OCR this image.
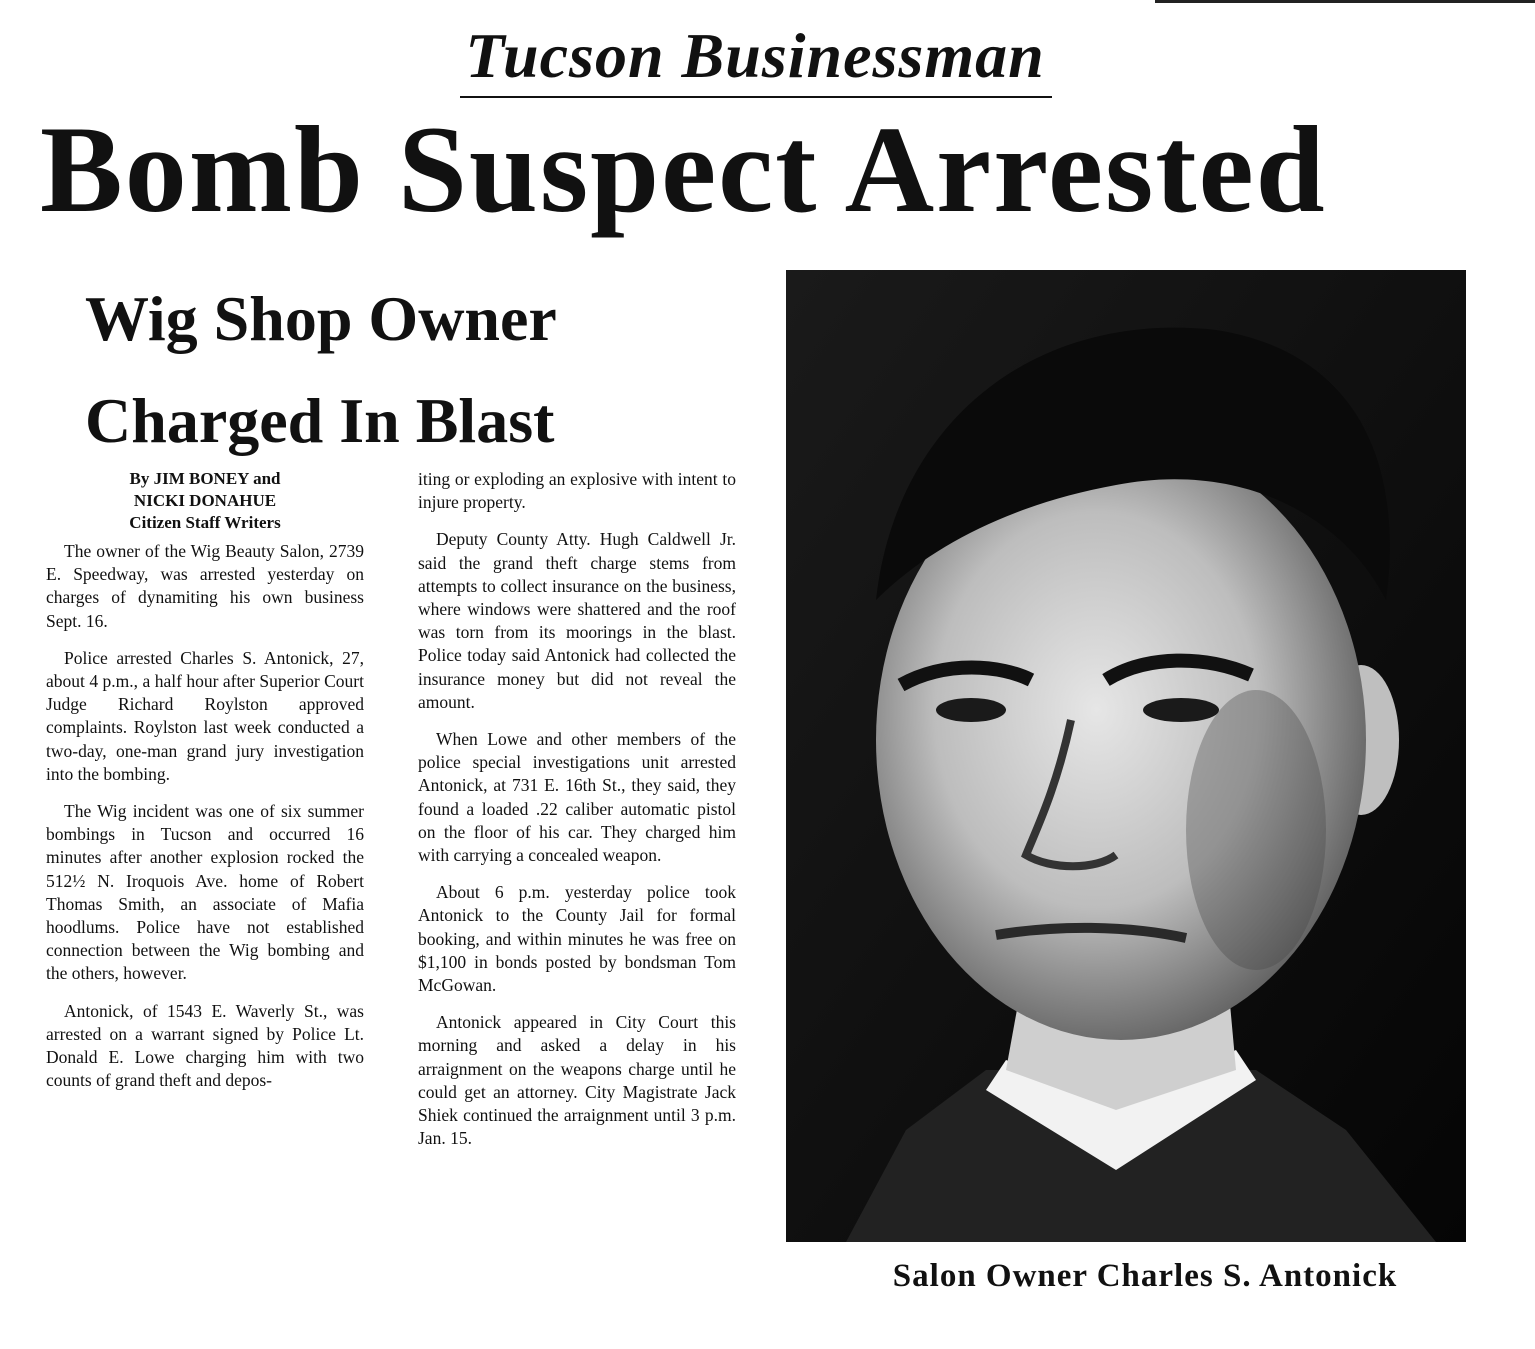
Tucson Businessman
Bomb Suspect Arrested
Wig Shop Owner
Charged In Blast
By JIM BONEY and
NICKI DONAHUE
Citizen Staff Writers

The owner of the Wig Beauty Salon, 2739 E. Speedway, was arrested yesterday on charges of dynamiting his own business Sept. 16.

Police arrested Charles S. Antonick, 27, about 4 p.m., a half hour after Superior Court Judge Richard Roylston approved complaints. Roylston last week conducted a two-day, one-man grand jury investigation into the bombing.

The Wig incident was one of six summer bombings in Tucson and occurred 16 minutes after another explosion rocked the 512½ N. Iroquois Ave. home of Robert Thomas Smith, an associate of Mafia hoodlums. Police have not established connection between the Wig bombing and the others, however.

Antonick, of 1543 E. Waverly St., was arrested on a warrant signed by Police Lt. Donald E. Lowe charging him with two counts of grand theft and depos-

iting or exploding an explosive with intent to injure property.

Deputy County Atty. Hugh Caldwell Jr. said the grand theft charge stems from attempts to collect insurance on the business, where windows were shattered and the roof was torn from its moorings in the blast. Police today said Antonick had collected the insurance money but did not reveal the amount.

When Lowe and other members of the police special investigations unit arrested Antonick, at 731 E. 16th St., they said, they found a loaded .22 caliber automatic pistol on the floor of his car. They charged him with carrying a concealed weapon.

About 6 p.m. yesterday police took Antonick to the County Jail for formal booking, and within minutes he was free on $1,100 in bonds posted by bondsman Tom McGowan.

Antonick appeared in City Court this morning and asked a delay in his arraignment on the weapons charge until he could get an attorney. City Magistrate Jack Shiek continued the arraignment until 3 p.m. Jan. 15.

Salon Owner Charles S. Antonick
